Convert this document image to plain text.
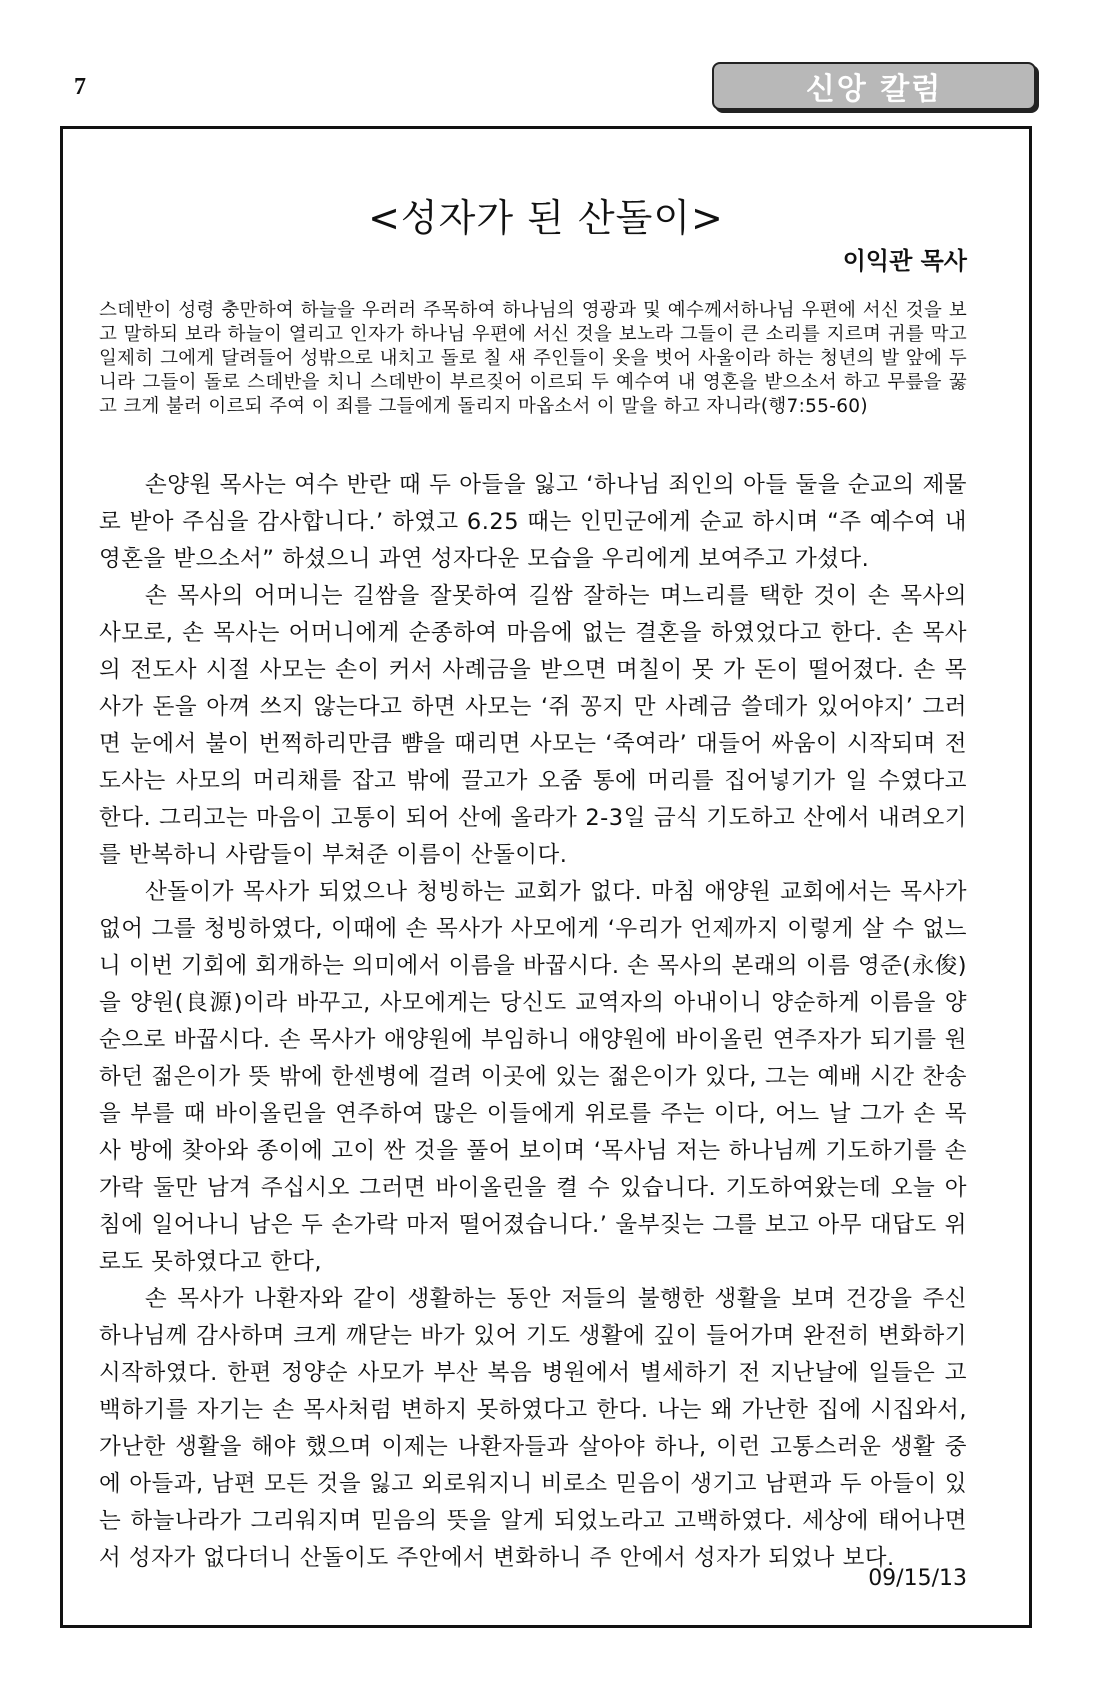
7	신앙 칼럼
<성자가 된 산돌이>
이익관 목사
스데반이 성령 충만하여 하늘을 우러러 주목하여 하나님의 영광과 및 예수께서하나님 우편에 서신 것을 보고 말하되 보라 하늘이 열리고 인자가 하나님 우편에 서신 것을 보노라 그들이 큰 소리를 지르며 귀를 막고 일제히 그에게 달려들어 성밖으로 내치고 돌로 칠 새 주인들이 옷을 벗어 사울이라 하는 청년의 발 앞에 두니라 그들이 돌로 스데반을 치니 스데반이 부르짖어 이르되 두 예수여 내 영혼을 받으소서 하고 무릎을 꿇고 크게 불러 이르되 주여 이 죄를 그들에게 돌리지 마옵소서 이 말을 하고 자니라(행7:55-60)

손양원 목사는 여수 반란 때 두 아들을 잃고 ‘하나님 죄인의 아들 둘을 순교의 제물로 받아 주심을 감사합니다.’ 하였고 6.25 때는 인민군에게 순교 하시며 “주 예수여 내 영혼을 받으소서” 하셨으니 과연 성자다운 모습을 우리에게 보여주고 가셨다.

손 목사의 어머니는 길쌈을 잘못하여 길쌈 잘하는 며느리를 택한 것이 손 목사의 사모로, 손 목사는 어머니에게 순종하여 마음에 없는 결혼을 하였었다고 한다. 손 목사의 전도사 시절 사모는 손이 커서 사례금을 받으면 며칠이 못 가 돈이 떨어졌다. 손 목사가 돈을 아껴 쓰지 않는다고 하면 사모는 ‘쥐 꽁지 만 사례금 쓸데가 있어야지’ 그러면 눈에서 불이 번쩍하리만큼 뺨을 때리면 사모는 ‘죽여라’ 대들어 싸움이 시작되며 전도사는 사모의 머리채를 잡고 밖에 끌고가 오줌 통에 머리를 집어넣기가 일 수였다고 한다. 그리고는 마음이 고통이 되어 산에 올라가 2-3일 금식 기도하고 산에서 내려오기를 반복하니 사람들이 부쳐준 이름이 산돌이다.

산돌이가 목사가 되었으나 청빙하는 교회가 없다. 마침 애양원 교회에서는 목사가 없어 그를 청빙하였다, 이때에 손 목사가 사모에게 ‘우리가 언제까지 이렇게 살 수 없느니 이번 기회에 회개하는 의미에서 이름을 바꿉시다. 손 목사의 본래의 이름 영준(永俊)을 양원(良源)이라 바꾸고, 사모에게는 당신도 교역자의 아내이니 양순하게 이름을 양순으로 바꿉시다. 손 목사가 애양원에 부임하니 애양원에 바이올린 연주자가 되기를 원하던 젊은이가 뜻 밖에 한센병에 걸려 이곳에 있는 젊은이가 있다, 그는 예배 시간 찬송을 부를 때 바이올린을 연주하여 많은 이들에게 위로를 주는 이다, 어느 날 그가 손 목사 방에 찾아와 종이에 고이 싼 것을 풀어 보이며 ‘목사님 저는 하나님께 기도하기를 손가락 둘만 남겨 주십시오 그러면 바이올린을 켤 수 있습니다. 기도하여왔는데 오늘 아침에 일어나니 남은 두 손가락 마저 떨어졌습니다.’ 울부짖는 그를 보고 아무 대답도 위로도 못하였다고 한다,

손 목사가 나환자와 같이 생활하는 동안 저들의 불행한 생활을 보며 건강을 주신 하나님께 감사하며 크게 깨닫는 바가 있어 기도 생활에 깊이 들어가며 완전히 변화하기 시작하였다. 한편 정양순 사모가 부산 복음 병원에서 별세하기 전 지난날에 일들은 고백하기를 자기는 손 목사처럼 변하지 못하였다고 한다. 나는 왜 가난한 집에 시집와서, 가난한 생활을 해야 했으며 이제는 나환자들과 살아야 하나, 이런 고통스러운 생활 중에 아들과, 남편 모든 것을 잃고 외로워지니 비로소 믿음이 생기고 남편과 두 아들이 있는 하늘나라가 그리워지며 믿음의 뜻을 알게 되었노라고 고백하였다. 세상에 태어나면서 성자가 없다더니 산돌이도 주안에서 변화하니 주 안에서 성자가 되었나 보다.

09/15/13
